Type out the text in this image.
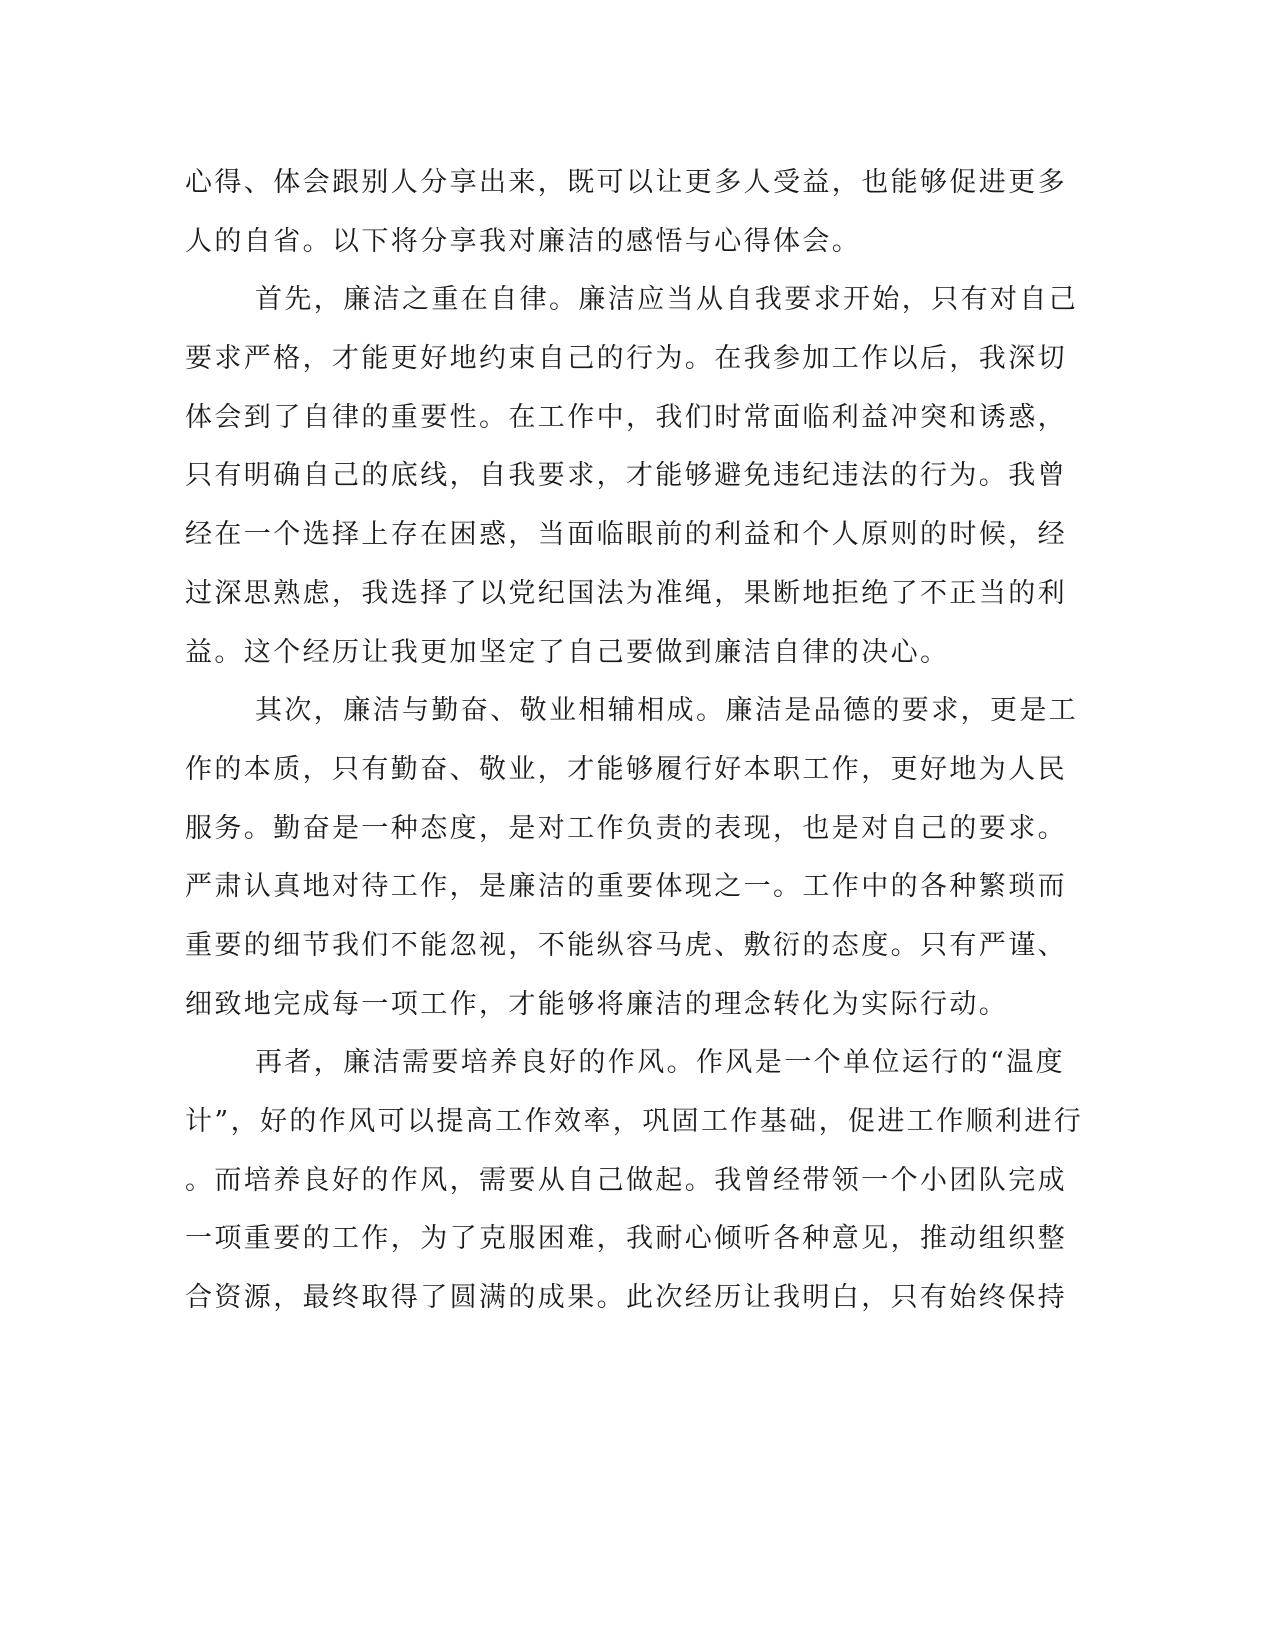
心得、体会跟别人分享出来，既可以让更多人受益，也能够促进更多
人的自省。以下将分享我对廉洁的感悟与心得体会。
首先，廉洁之重在自律。廉洁应当从自我要求开始，只有对自己
要求严格，才能更好地约束自己的行为。在我参加工作以后，我深切
体会到了自律的重要性。在工作中，我们时常面临利益冲突和诱惑，
只有明确自己的底线，自我要求，才能够避免违纪违法的行为。我曾
经在一个选择上存在困惑，当面临眼前的利益和个人原则的时候，经
过深思熟虑，我选择了以党纪国法为准绳，果断地拒绝了不正当的利
益。这个经历让我更加坚定了自己要做到廉洁自律的决心。
其次，廉洁与勤奋、敬业相辅相成。廉洁是品德的要求，更是工
作的本质，只有勤奋、敬业，才能够履行好本职工作，更好地为人民
服务。勤奋是一种态度，是对工作负责的表现，也是对自己的要求。
严肃认真地对待工作，是廉洁的重要体现之一。工作中的各种繁琐而
重要的细节我们不能忽视，不能纵容马虎、敷衍的态度。只有严谨、
细致地完成每一项工作，才能够将廉洁的理念转化为实际行动。
再者，廉洁需要培养良好的作风。作风是一个单位运行的“温度
计”，好的作风可以提高工作效率，巩固工作基础，促进工作顺利进行
。而培养良好的作风，需要从自己做起。我曾经带领一个小团队完成
一项重要的工作，为了克服困难，我耐心倾听各种意见，推动组织整
合资源，最终取得了圆满的成果。此次经历让我明白，只有始终保持
